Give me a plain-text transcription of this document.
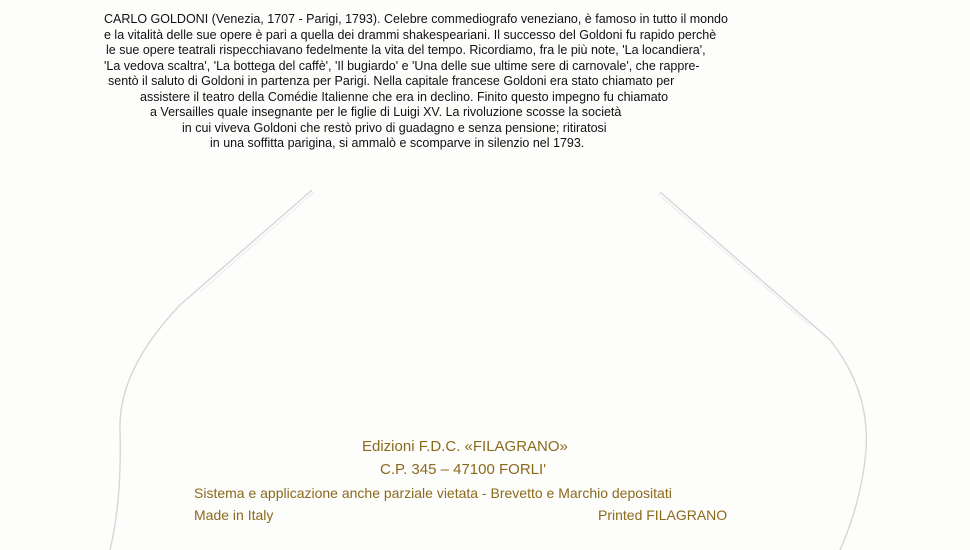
CARLO GOLDONI (Venezia, 1707 - Parigi, 1793). Celebre commediografo veneziano, è famoso in tutto il mondo
e la vitalità delle sue opere è pari a quella dei drammi shakespeariani. Il successo del Goldoni fu rapido perchè
le sue opere teatrali rispecchiavano fedelmente la vita del tempo. Ricordiamo, fra le più note, 'La locandiera',
'La vedova scaltra', 'La bottega del caffè', 'Il bugiardo' e 'Una delle sue ultime sere di carnovale', che rappre-
sentò il saluto di Goldoni in partenza per Parigi. Nella capitale francese Goldoni era stato chiamato per
assistere il teatro della Comédie Italienne che era in declino. Finito questo impegno fu chiamato
a Versailles quale insegnante per le figlie di Luigi XV. La rivoluzione scosse la società
in cui viveva Goldoni che restò privo di guadagno e senza pensione; ritiratosi
in una soffitta parigina, si ammalò e scomparve in silenzio nel 1793.
Edizioni F.D.C. «FILAGRANO»
C.P. 345 – 47100 FORLI'
Sistema e applicazione anche parziale vietata - Brevetto e Marchio depositati
Made in Italy	Printed FILAGRANO
